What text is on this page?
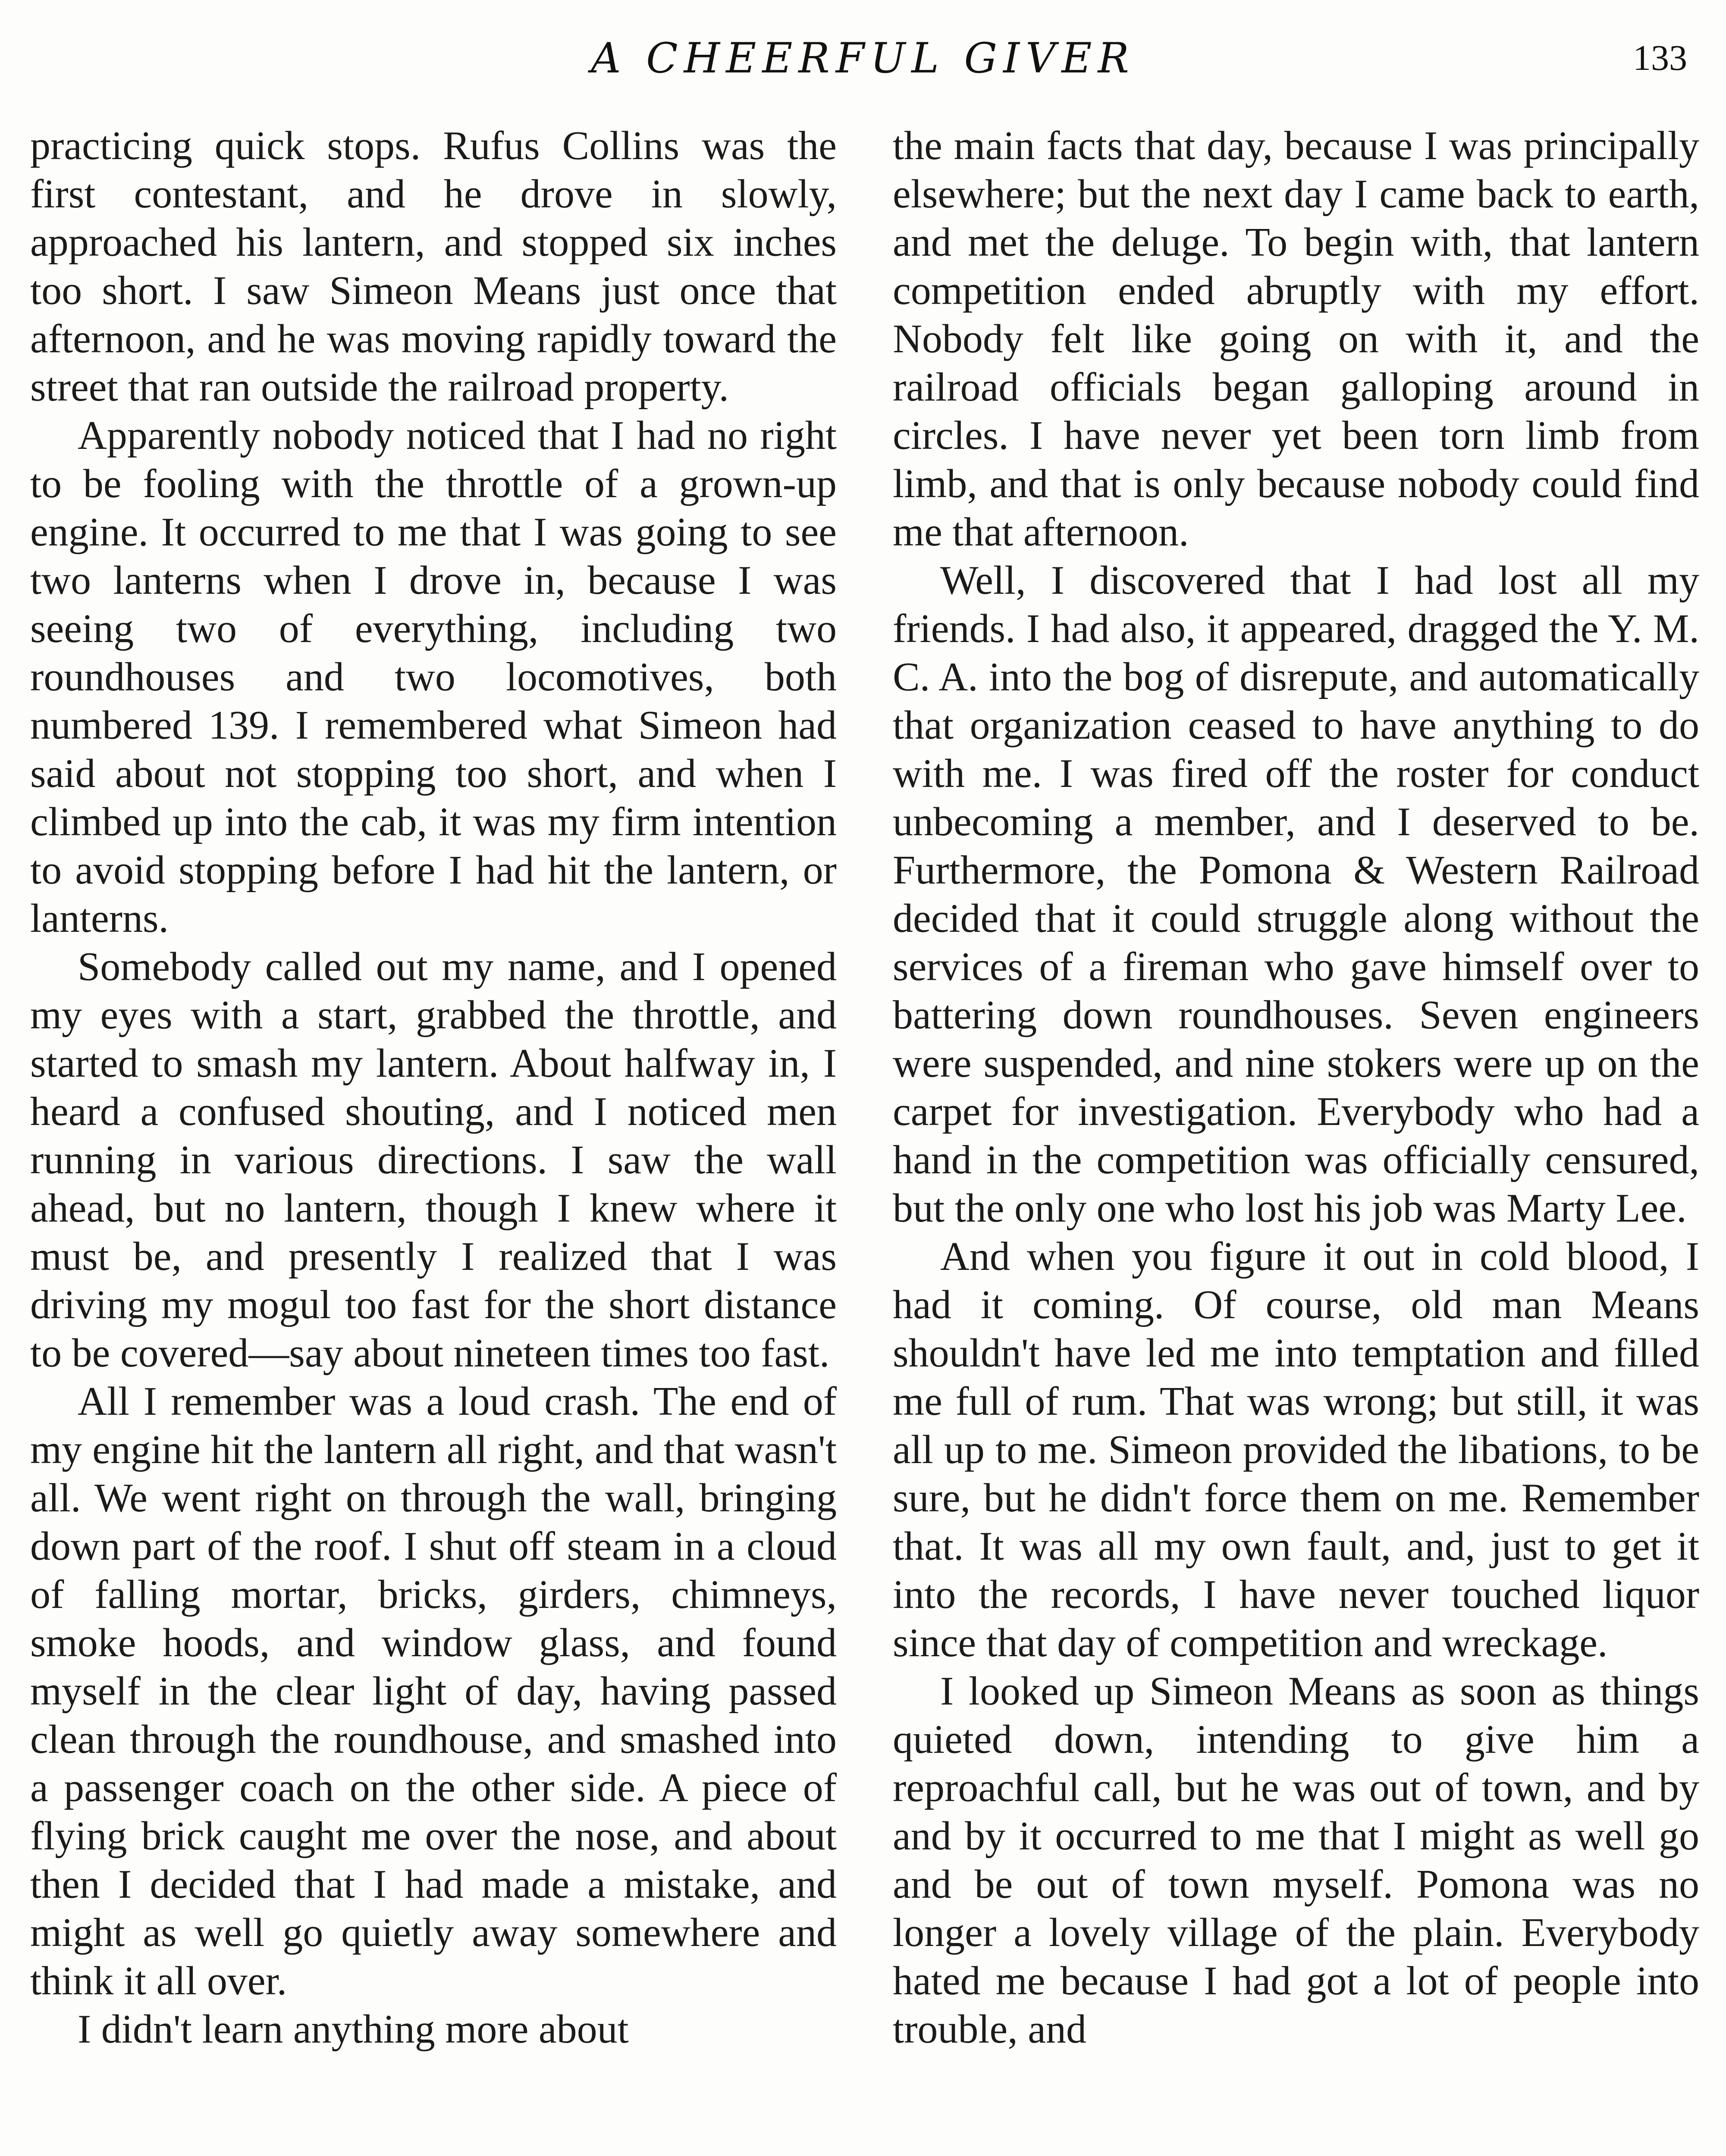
A CHEERFUL GIVER	133

practicing quick stops. Rufus Collins was the first contestant, and he drove in slowly, approached his lantern, and stopped six inches too short. I saw Simeon Means just once that afternoon, and he was moving rapidly toward the street that ran outside the railroad property.

Apparently nobody noticed that I had no right to be fooling with the throttle of a grown-up engine. It occurred to me that I was going to see two lanterns when I drove in, because I was seeing two of everything, including two roundhouses and two locomotives, both numbered 139. I remembered what Simeon had said about not stopping too short, and when I climbed up into the cab, it was my firm intention to avoid stopping before I had hit the lantern, or lanterns.

Somebody called out my name, and I opened my eyes with a start, grabbed the throttle, and started to smash my lantern. About halfway in, I heard a confused shouting, and I noticed men running in various directions. I saw the wall ahead, but no lantern, though I knew where it must be, and presently I realized that I was driving my mogul too fast for the short distance to be covered—say about nineteen times too fast.

All I remember was a loud crash. The end of my engine hit the lantern all right, and that wasn't all. We went right on through the wall, bringing down part of the roof. I shut off steam in a cloud of falling mortar, bricks, girders, chimneys, smoke hoods, and window glass, and found myself in the clear light of day, having passed clean through the roundhouse, and smashed into a passenger coach on the other side. A piece of flying brick caught me over the nose, and about then I decided that I had made a mistake, and might as well go quietly away somewhere and think it all over.

I didn't learn anything more about

the main facts that day, because I was principally elsewhere; but the next day I came back to earth, and met the deluge. To begin with, that lantern competition ended abruptly with my effort. Nobody felt like going on with it, and the railroad officials began galloping around in circles. I have never yet been torn limb from limb, and that is only because nobody could find me that afternoon.

Well, I discovered that I had lost all my friends. I had also, it appeared, dragged the Y. M. C. A. into the bog of disrepute, and automatically that organization ceased to have anything to do with me. I was fired off the roster for conduct unbecoming a member, and I deserved to be. Furthermore, the Pomona & Western Railroad decided that it could struggle along without the services of a fireman who gave himself over to battering down roundhouses. Seven engineers were suspended, and nine stokers were up on the carpet for investigation. Everybody who had a hand in the competition was officially censured, but the only one who lost his job was Marty Lee.

And when you figure it out in cold blood, I had it coming. Of course, old man Means shouldn't have led me into temptation and filled me full of rum. That was wrong; but still, it was all up to me. Simeon provided the libations, to be sure, but he didn't force them on me. Remember that. It was all my own fault, and, just to get it into the records, I have never touched liquor since that day of competition and wreckage.

I looked up Simeon Means as soon as things quieted down, intending to give him a reproachful call, but he was out of town, and by and by it occurred to me that I might as well go and be out of town myself. Pomona was no longer a lovely village of the plain. Everybody hated me because I had got a lot of people into trouble, and
